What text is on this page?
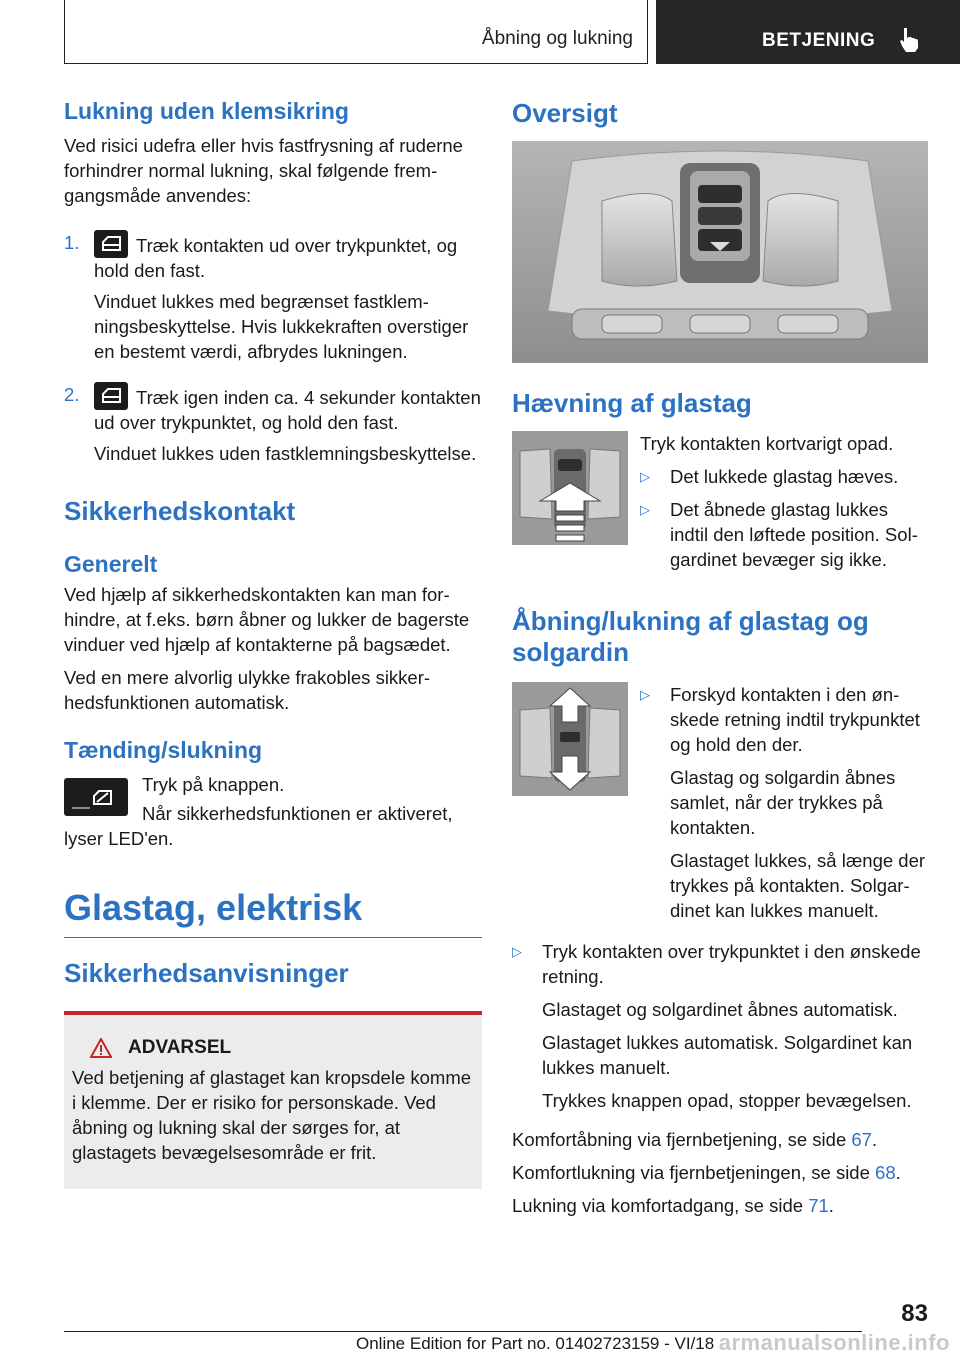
Åbning og lukning	BETJENING
Lukning uden klemsikring

Ved risici udefra eller hvis fastfrysning af ruderne forhindrer normal lukning, skal følgende fremgangsmåde anvendes:

1.	Træk kontakten ud over trykpunktet, og hold den fast.

Vinduet lukkes med begrænset fastklemningsbeskyttelse. Hvis lukkekraften overstiger en bestemt værdi, afbrydes lukningen.

2.	Træk igen inden ca. 4 sekunder kontakten ud over trykpunktet, og hold den fast.

Vinduet lukkes uden fastklemningsbeskyttelse.

Sikkerhedskontakt
Generelt

Ved hjælp af sikkerhedskontakten kan man forhindre, at f.eks. børn åbner og lukker de bagerste vinduer ved hjælp af kontakterne på bagsædet.

Ved en mere alvorlig ulykke frakobles sikkerhedsfunktionen automatisk.

Tænding/slukning

Tryk på knappen.

Når sikkerhedsfunktionen er aktiveret, lyser LED'en.

Glastag, elektrisk
Sikkerhedsanvisninger
ADVARSEL

Ved betjening af glastaget kan kropsdele komme i klemme. Der er risiko for personskade. Ved åbning og lukning skal der sørges for, at glastagets bevægelsesområde er frit.

Oversigt
Hævning af glastag

Tryk kontakten kortvarigt opad.

▷ Det lukkede glastag hæves.

▷ Det åbnede glastag lukkes indtil den løftede position. Solgardinet bevæger sig ikke.

Åbning/lukning af glastag og solgardin
▷ Forskyd kontakten i den ønskede retning indtil trykpunktet og hold den der.

Glastag og solgardin åbnes samlet, når der trykkes på kontakten.

Glastaget lukkes, så længe der trykkes på kontakten. Solgardinet kan lukkes manuelt.

▷ Tryk kontakten over trykpunktet i den ønskede retning.

Glastaget og solgardinet åbnes automatisk.

Glastaget lukkes automatisk. Solgardinet kan lukkes manuelt.

Trykkes knappen opad, stopper bevægelsen.

Komfortåbning via fjernbetjening, se side 67.

Komfortlukning via fjernbetjeningen, se side 68.

Lukning via komfortadgang, se side 71.

83
Online Edition for Part no. 01402723159 - VI/18 armanualsonline.info
